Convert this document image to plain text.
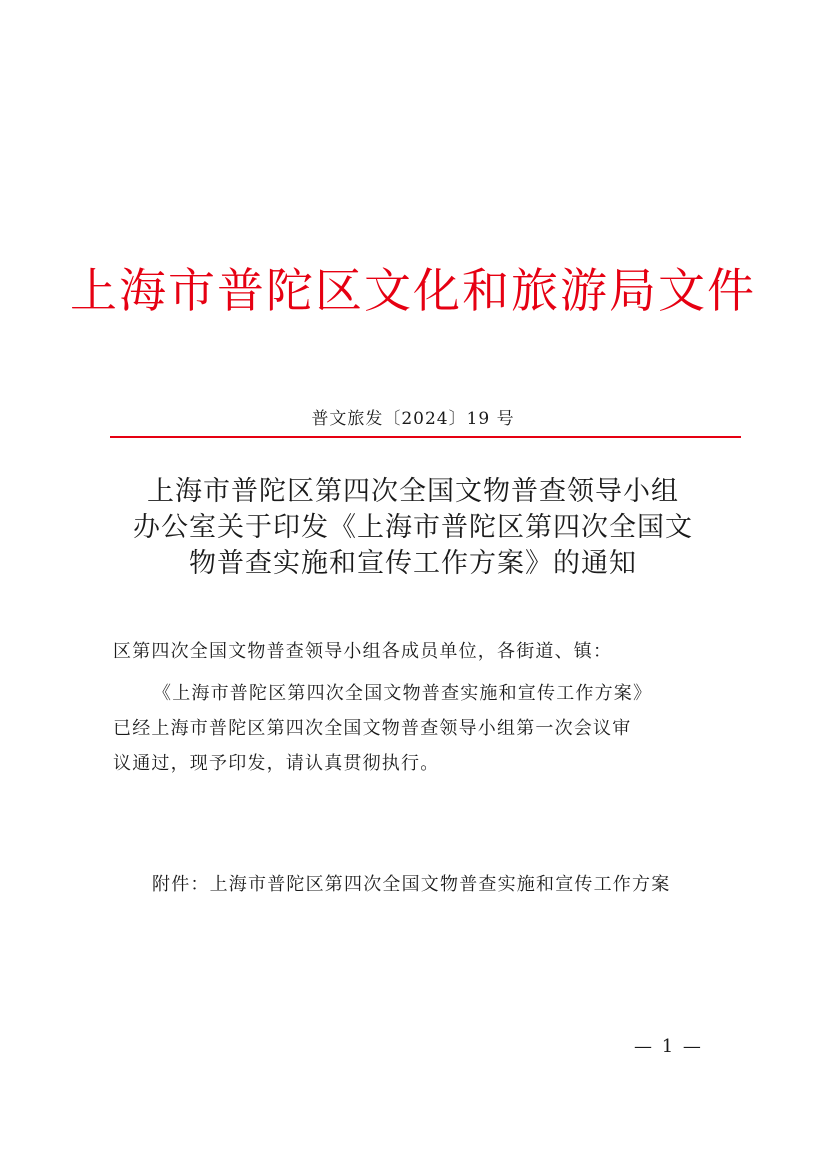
上海市普陀区文化和旅游局文件
普文旅发〔2024〕19 号
上海市普陀区第四次全国文物普查领导小组
办公室关于印发《上海市普陀区第四次全国文
物普查实施和宣传工作方案》的通知
区第四次全国文物普查领导小组各成员单位，各街道、镇：
《上海市普陀区第四次全国文物普查实施和宣传工作方案》
已经上海市普陀区第四次全国文物普查领导小组第一次会议审
议通过，现予印发，请认真贯彻执行。
附件：上海市普陀区第四次全国文物普查实施和宣传工作方案
— 1 —
